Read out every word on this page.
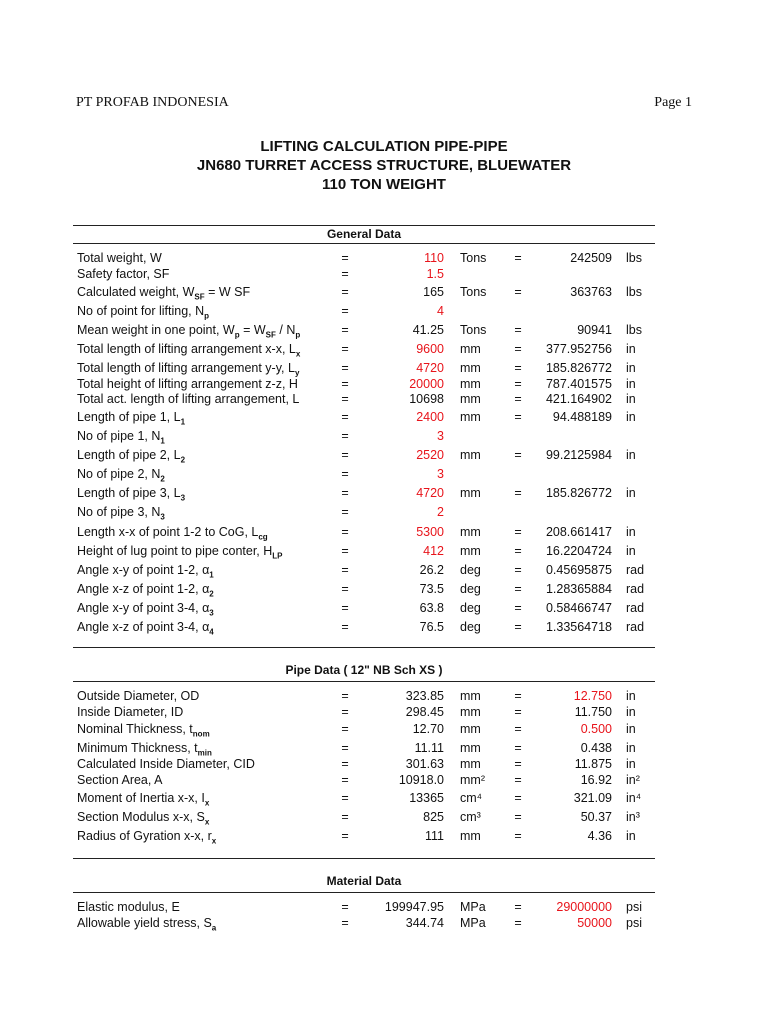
PT PROFAB INDONESIA	Page 1
LIFTING CALCULATION PIPE-PIPE
JN680 TURRET ACCESS STRUCTURE, BLUEWATER
110 TON WEIGHT
General Data
Total weight, W	=	110 Tons	=	242509 lbs
Safety factor, SF	=	1.5
Calculated weight, $W_{SF} = W$ SF	=	165 Tons	=	363763 lbs
No of point for lifting, $N_p$	=	4
Mean weight in one point, $W_p = W_{SF} / N_p$	=	41.25 Tons	=	90941 lbs
Total length of lifting arrangement x-x, $L_x$	=	9600 mm	=	377.952756 in
Total length of lifting arrangement y-y, $L_y$	=	4720 mm	=	185.826772 in
Total height of lifting arrangement z-z, H	=	20000 mm	=	787.401575 in
Total act. length of lifting arrangement, L	=	10698 mm	=	421.164902 in
Length of pipe 1, $L_1$	=	2400 mm	=	94.488189 in
No of pipe 1, $N_1$	=	3
Length of pipe 2, $L_2$	=	2520 mm	=	99.2125984 in
No of pipe 2, $N_2$	=	3
Length of pipe 3, $L_3$	=	4720 mm	=	185.826772 in
No of pipe 3, $N_3$	=	2
Length x-x of point 1-2 to CoG, $L_{cg}$	=	5300 mm	=	208.661417 in
Height of lug point to pipe conter, $H_{LP}$	=	412 mm	=	16.2204724 in
Angle x-y of point 1-2, $\alpha_1$	=	26.2 deg	=	0.45695875 rad
Angle x-z of point 1-2, $\alpha_2$	=	73.5 deg	=	1.28365884 rad
Angle x-y of point 3-4, $\alpha_3$	=	63.8 deg	=	0.58466747 rad
Angle x-z of point 3-4, $\alpha_4$	=	76.5 deg	=	1.33564718 rad
Pipe Data ( 12" NB Sch XS )
Outside Diameter, OD	=	323.85 mm	=	12.750 in
Inside Diameter, ID	=	298.45 mm	=	11.750 in
Nominal Thickness, $t_{nom}$	=	12.70 mm	=	0.500 in
Minimum Thickness, $t_{min}$	=	11.11 mm	=	0.438 in
Calculated Inside Diameter, CID	=	301.63 mm	=	11.875 in
Section Area, A	=	10918.0 mm²	=	16.92 in²
Moment of Inertia x-x, $I_x$	=	13365 cm⁴	=	321.09 in⁴
Section Modulus x-x, $S_x$	=	825 cm³	=	50.37 in³
Radius of Gyration x-x, $r_x$	=	111 mm	=	4.36 in
Material Data
Elastic modulus, E	=	199947.95 MPa	=	29000000 psi
Allowable yield stress, $S_a$	=	344.74 MPa	=	50000 psi
